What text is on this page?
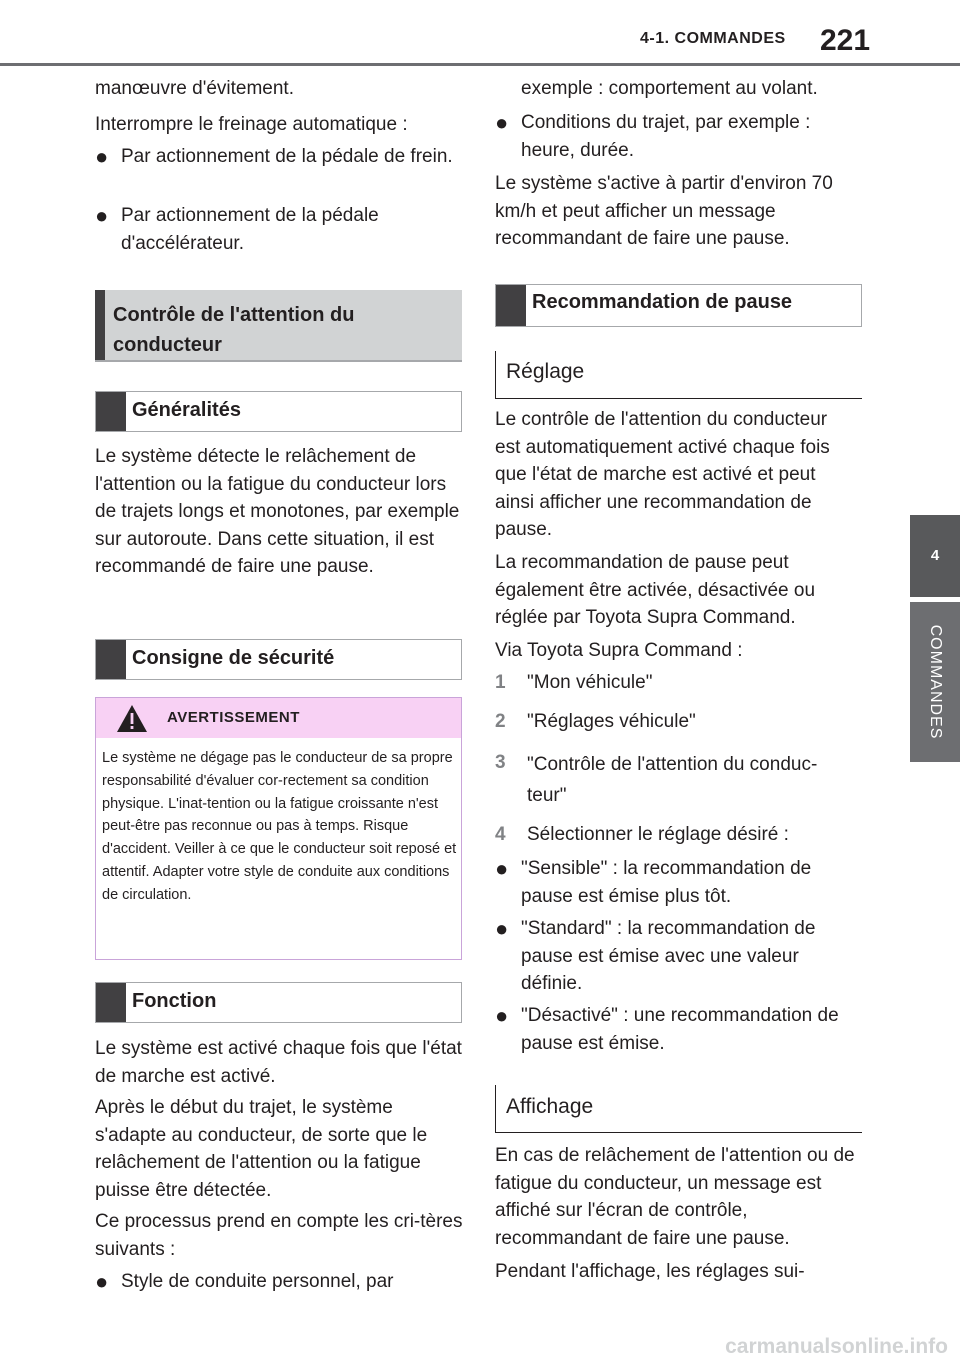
4-1. COMMANDES 221
4
COMMANDES

manœuvre d'évitement.

Interrompre le freinage automatique :

● Par actionnement de la pédale de frein.
● Par actionnement de la pédale d'accélérateur.
Contrôle de l'attention du conducteur
Généralités

Le système détecte le relâchement de l'attention ou la fatigue du conducteur lors de trajets longs et monotones, par exemple sur autoroute. Dans cette situation, il est recommandé de faire une pause.

Consigne de sécurité
AVERTISSEMENT
Le système ne dégage pas le conducteur de sa propre responsabilité d'évaluer cor-rectement sa condition physique. L'inat-tention ou la fatigue croissante n'est peut-être pas reconnue ou pas à temps. Risque d'accident. Veiller à ce que le conducteur soit reposé et attentif. Adapter votre style de conduite aux conditions de circulation.
Fonction

Le système est activé chaque fois que l'état de marche est activé.

Après le début du trajet, le système s'adapte au conducteur, de sorte que le relâchement de l'attention ou la fatigue puisse être détectée.

Ce processus prend en compte les cri-tères suivants :

● Style de conduite personnel, par

exemple : comportement au volant.

● Conditions du trajet, par exemple : heure, durée.

Le système s'active à partir d'environ 70 km/h et peut afficher un message recommandant de faire une pause.

Recommandation de pause
Réglage

Le contrôle de l'attention du conducteur est automatiquement activé chaque fois que l'état de marche est activé et peut ainsi afficher une recommandation de pause.

La recommandation de pause peut également être activée, désactivée ou réglée par Toyota Supra Command.

Via Toyota Supra Command :

1 "Mon véhicule"
2 "Réglages véhicule"
3 "Contrôle de l'attention du conduc-teur"
4 Sélectionner le réglage désiré :
● "Sensible" : la recommandation de pause est émise plus tôt.
● "Standard" : la recommandation de pause est émise avec une valeur définie.
● "Désactivé" : une recommandation de pause est émise.
Affichage

En cas de relâchement de l'attention ou de fatigue du conducteur, un message est affiché sur l'écran de contrôle, recommandant de faire une pause.

Pendant l'affichage, les réglages sui-

carmanualsonline.info
